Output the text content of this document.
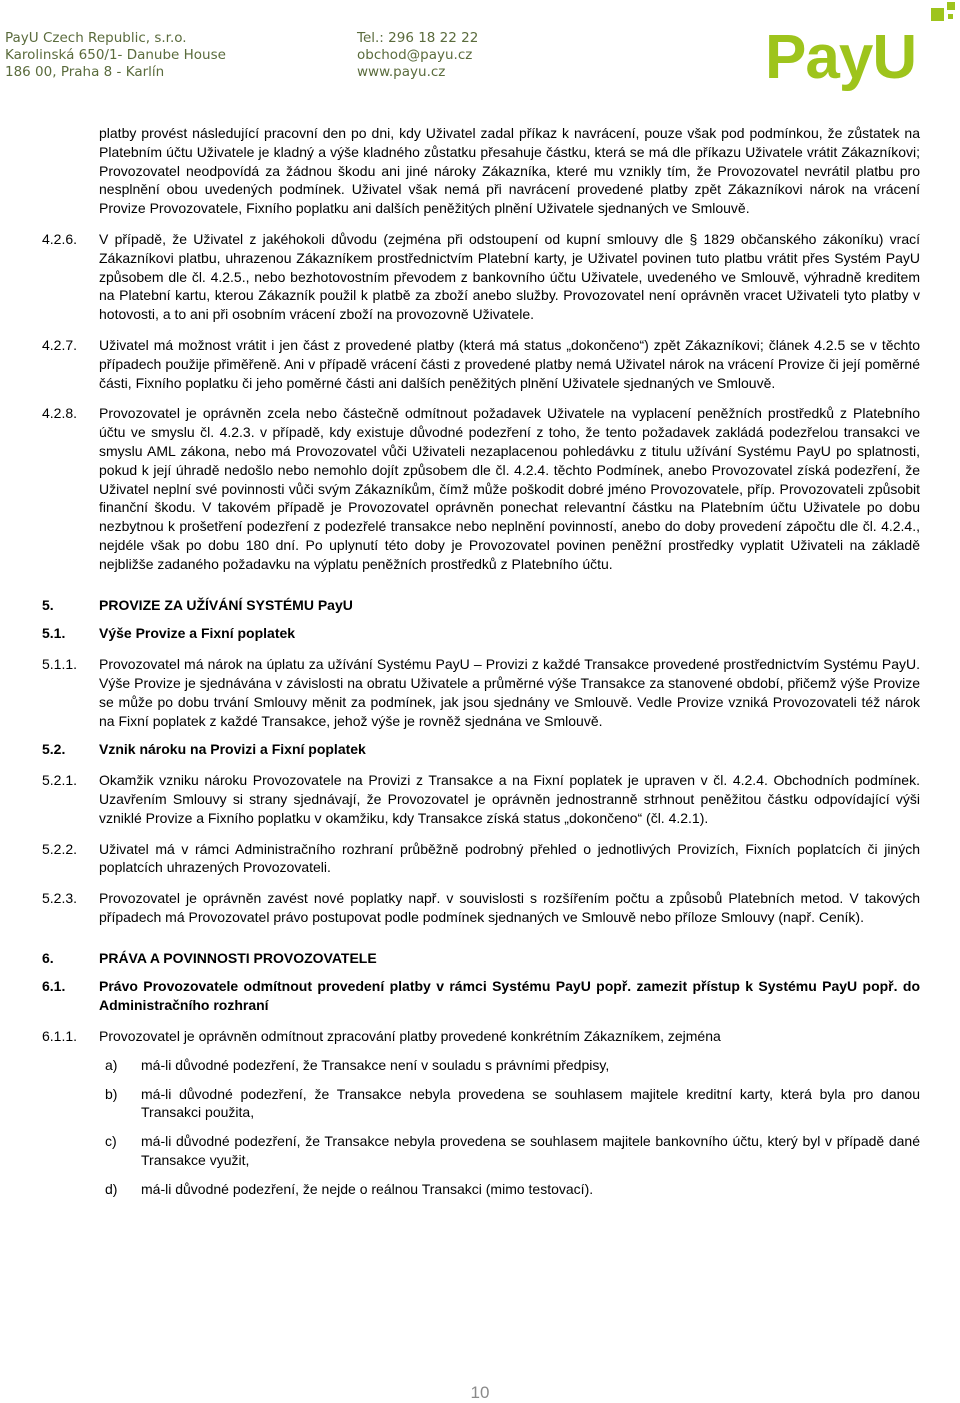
PayU Czech Republic, s.r.o.
Karolinská 650/1- Danube House
186 00, Praha 8 - Karlín
Tel.: 296 18 22 22
obchod@payu.cz
www.payu.cz	PayU
platby provést následující pracovní den po dni, kdy Uživatel zadal příkaz k navrácení, pouze však pod podmínkou, že zůstatek na Platebním účtu Uživatele je kladný a výše kladného zůstatku přesahuje částku, která se má dle příkazu Uživatele vrátit Zákazníkovi; Provozovatel neodpovídá za žádnou škodu ani jiné nároky Zákazníka, které mu vznikly tím, že Provozovatel nevrátil platbu pro nesplnění obou uvedených podmínek. Uživatel však nemá při navrácení provedené platby zpět Zákazníkovi nárok na vrácení Provize Provozovatele, Fixního poplatku ani dalších peněžitých plnění Uživatele sjednaných ve Smlouvě.
4.2.6.	V případě, že Uživatel z jakéhokoli důvodu (zejména při odstoupení od kupní smlouvy dle § 1829 občanského zákoníku) vrací Zákazníkovi platbu, uhrazenou Zákazníkem prostřednictvím Platební karty, je Uživatel povinen tuto platbu vrátit přes Systém PayU způsobem dle čl. 4.2.5., nebo bezhotovostním převodem z bankovního účtu Uživatele, uvedeného ve Smlouvě, výhradně kreditem na Platební kartu, kterou Zákazník použil k platbě za zboží anebo služby. Provozovatel není oprávněn vracet Uživateli tyto platby v hotovosti, a to ani při osobním vrácení zboží na provozovně Uživatele.
4.2.7.	Uživatel má možnost vrátit i jen část z provedené platby (která má status „dokončeno“) zpět Zákazníkovi; článek 4.2.5 se v těchto případech použije přiměřeně. Ani v případě vrácení části z provedené platby nemá Uživatel nárok na vrácení Provize či její poměrné části, Fixního poplatku či jeho poměrné části ani dalších peněžitých plnění Uživatele sjednaných ve Smlouvě.
4.2.8.	Provozovatel je oprávněn zcela nebo částečně odmítnout požadavek Uživatele na vyplacení peněžních prostředků z Platebního účtu ve smyslu čl. 4.2.3. v případě, kdy existuje důvodné podezření z toho, že tento požadavek zakládá podezřelou transakci ve smyslu AML zákona, nebo má Provozovatel vůči Uživateli nezaplacenou pohledávku z titulu užívání Systému PayU po splatnosti, pokud k její úhradě nedošlo nebo nemohlo dojít způsobem dle čl. 4.2.4. těchto Podmínek, anebo Provozovatel získá podezření, že Uživatel neplní své povinnosti vůči svým Zákazníkům, čímž může poškodit dobré jméno Provozovatele, příp. Provozovateli způsobit finanční škodu. V takovém případě je Provozovatel oprávněn ponechat relevantní částku na Platebním účtu Uživatele po dobu nezbytnou k prošetření podezření z podezřelé transakce nebo neplnění povinností, anebo do doby provedení zápočtu dle čl. 4.2.4., nejdéle však po dobu 180 dní. Po uplynutí této doby je Provozovatel povinen peněžní prostředky vyplatit Uživateli na základě nejbližše zadaného požadavku na výplatu peněžních prostředků z Platebního účtu.
5.	PROVIZE ZA UŽÍVÁNÍ SYSTÉMU PayU
5.1.	Výše Provize a Fixní poplatek
5.1.1.	Provozovatel má nárok na úplatu za užívání Systému PayU – Provizi z každé Transakce provedené prostřednictvím Systému PayU. Výše Provize je sjednávána v závislosti na obratu Uživatele a průměrné výše Transakce za stanovené období, přičemž výše Provize se může po dobu trvání Smlouvy měnit za podmínek, jak jsou sjednány ve Smlouvě. Vedle Provize vzniká Provozovateli též nárok na Fixní poplatek z každé Transakce, jehož výše je rovněž sjednána ve Smlouvě.
5.2.	Vznik nároku na Provizi a Fixní poplatek
5.2.1.	Okamžik vzniku nároku Provozovatele na Provizi z Transakce a na Fixní poplatek je upraven v čl. 4.2.4. Obchodních podmínek. Uzavřením Smlouvy si strany sjednávají, že Provozovatel je oprávněn jednostranně strhnout peněžitou částku odpovídající výši vzniklé Provize a Fixního poplatku v okamžiku, kdy Transakce získá status „dokončeno“ (čl. 4.2.1).
5.2.2.	Uživatel má v rámci Administračního rozhraní průběžně podrobný přehled o jednotlivých Provizích, Fixních poplatcích či jiných poplatcích uhrazených Provozovateli.
5.2.3.	Provozovatel je oprávněn zavést nové poplatky např. v souvislosti s rozšířením počtu a způsobů Platebních metod. V takových případech má Provozovatel právo postupovat podle podmínek sjednaných ve Smlouvě nebo příloze Smlouvy (např. Ceník).
6.	PRÁVA A POVINNOSTI PROVOZOVATELE
6.1.	Právo Provozovatele odmítnout provedení platby v rámci Systému PayU popř. zamezit přístup k Systému PayU popř. do Administračního rozhraní
6.1.1.	Provozovatel je oprávněn odmítnout zpracování platby provedené konkrétním Zákazníkem, zejména
a)	má-li důvodné podezření, že Transakce není v souladu s právními předpisy,
b)	má-li důvodné podezření, že Transakce nebyla provedena se souhlasem majitele kreditní karty, která byla pro danou Transakci použita,
c)	má-li důvodné podezření, že Transakce nebyla provedena se souhlasem majitele bankovního účtu, který byl v případě dané Transakce využit,
d)	má-li důvodné podezření, že nejde o reálnou Transakci (mimo testovací).
10
